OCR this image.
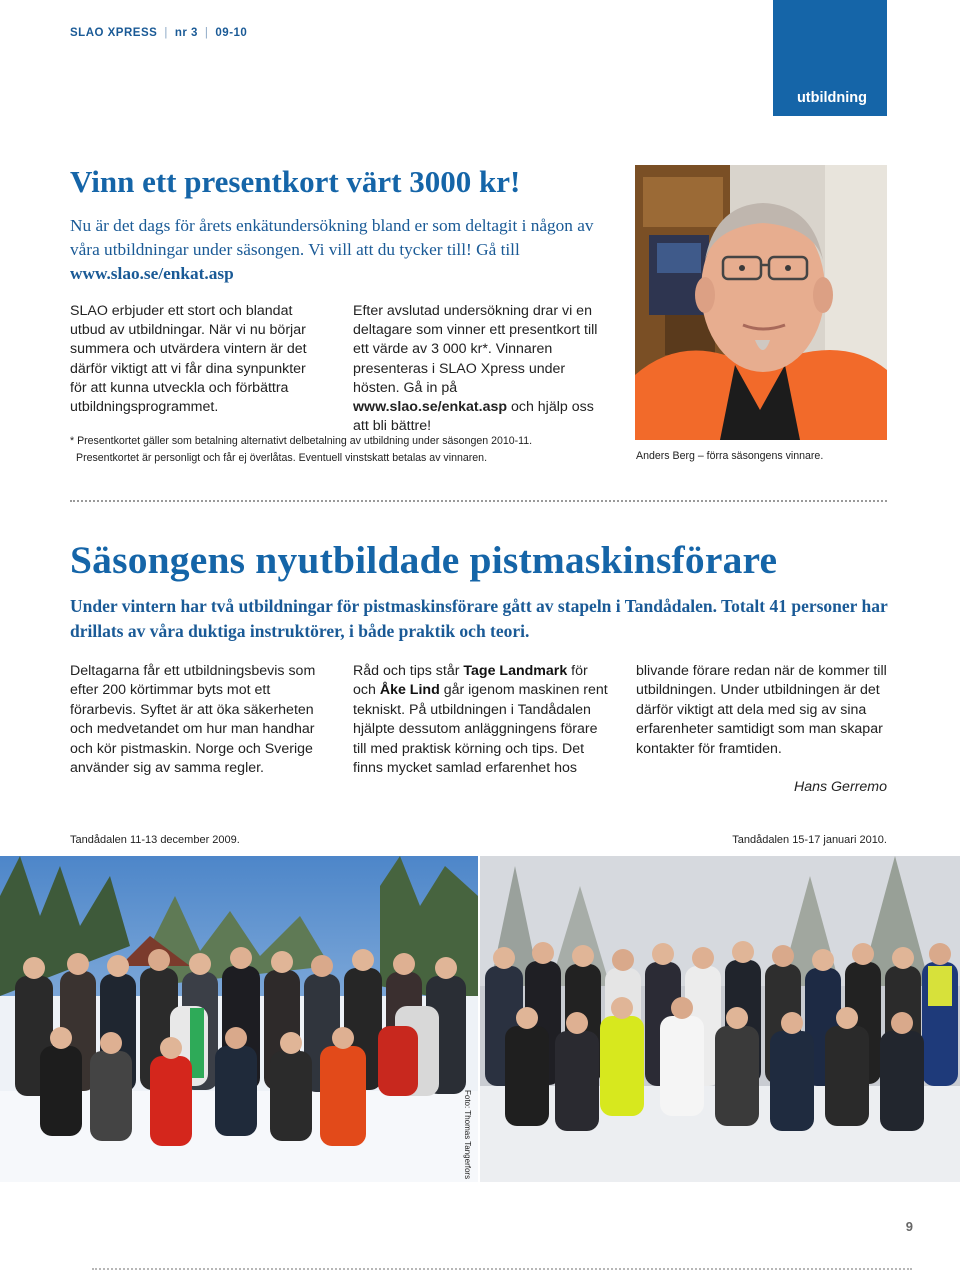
SLAO XPRESS | nr 3 | 09-10
utbildning
Vinn ett presentkort värt 3000 kr!
Nu är det dags för årets enkätundersökning bland er som deltagit i någon av våra utbildningar under säsongen. Vi vill att du tycker till! Gå till www.slao.se/enkat.asp
SLAO erbjuder ett stort och blandat utbud av utbildningar. När vi nu börjar summera och utvärdera vintern är det därför viktigt att vi får dina synpunkter för att kunna utveckla och förbättra utbildningsprogrammet.
Efter avslutad undersökning drar vi en deltagare som vinner ett presentkort till ett värde av 3 000 kr*. Vinnaren presenteras i SLAO Xpress under hösten. Gå in på www.slao.se/enkat.asp och hjälp oss att bli bättre!
* Presentkortet gäller som betalning alternativt delbetalning av utbildning under säsongen 2010-11.
Presentkortet är personligt och får ej överlåtas. Eventuell vinstskatt betalas av vinnaren.	Anders Berg – förra säsongens vinnare.
Säsongens nyutbildade pistmaskinsförare
Under vintern har två utbildningar för pistmaskinsförare gått av stapeln i Tandådalen. Totalt 41 personer har drillats av våra duktiga instruktörer, i både praktik och teori.
Deltagarna får ett utbildningsbevis som efter 200 körtimmar byts mot ett förarbevis. Syftet är att öka säkerheten och medvetandet om hur man handhar och kör pistmaskin. Norge och Sverige använder sig av samma regler.
Råd och tips står Tage Landmark för och Åke Lind går igenom maskinen rent tekniskt. På utbildningen i Tandådalen hjälpte dessutom anläggningens förare till med praktisk körning och tips. Det finns mycket samlad erfarenhet hos
blivande förare redan när de kommer till utbildningen. Under utbildningen är det därför viktigt att dela med sig av sina erfarenheter samtidigt som man skapar kontakter för framtiden.
Hans Gerremo
Tandådalen 11-13 december 2009.	Tandådalen 15-17 januari 2010.
Foto: Thomas Tangerfors
9
